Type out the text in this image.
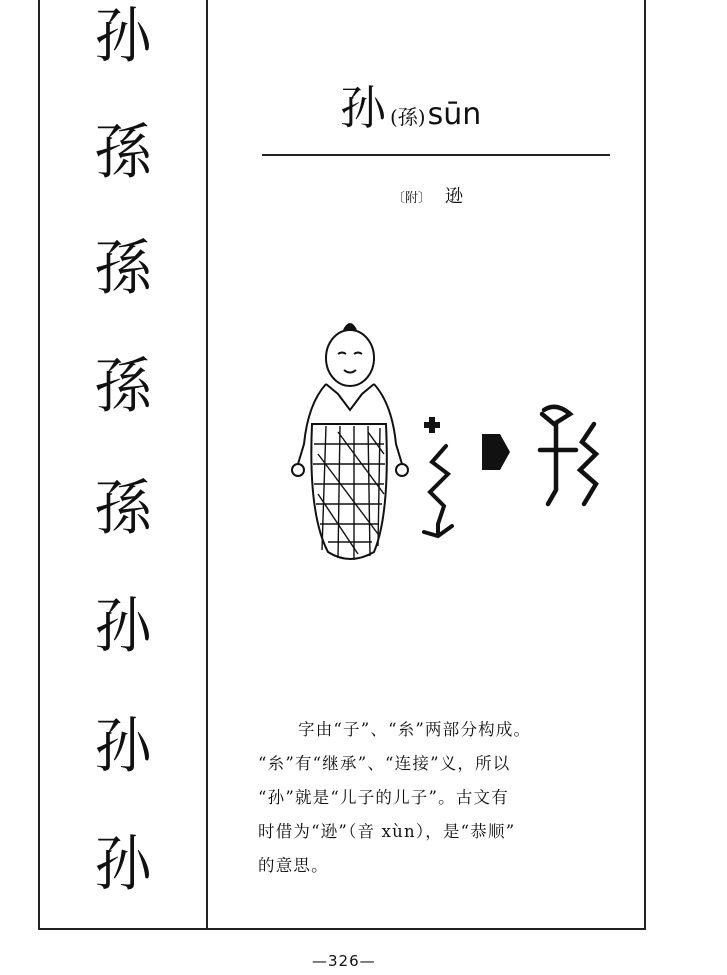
孙
孫
孫
孫
孫
孙
孙
孙
孙 (孫) sūn
〔附〕 逊

字由“子”、“糸”两部分构成。

“糸”有“继承”、“连接”义，所以

“孙”就是“儿子的儿子”。古文有

时借为“逊”（音 xùn），是“恭顺”

的意思。

—326—
